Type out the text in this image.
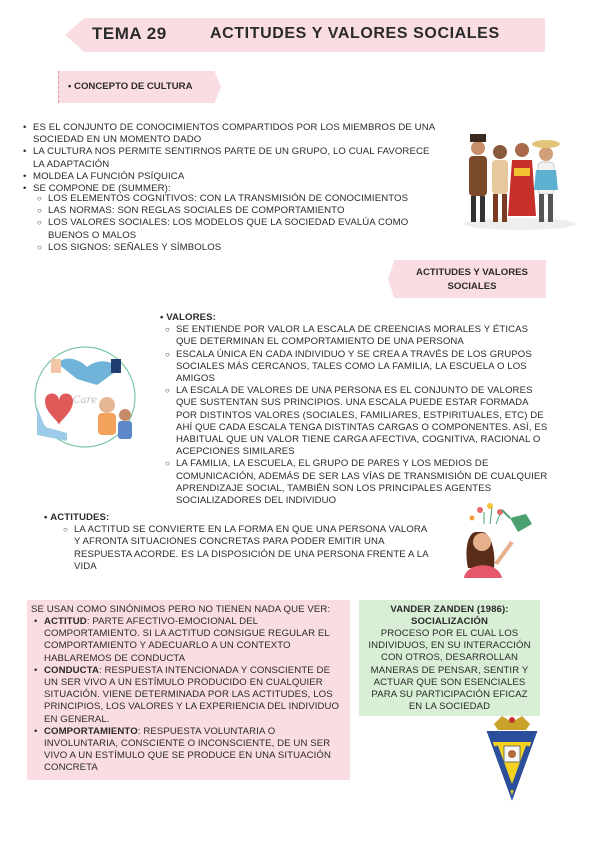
TEMA 29	ACTITUDES Y VALORES SOCIALES
• CONCEPTO DE CULTURA
• ES EL CONJUNTO DE CONOCIMIENTOS COMPARTIDOS POR LOS MIEMBROS DE UNA SOCIEDAD EN UN MOMENTO DADO
• LA CULTURA NOS PERMITE SENTIRNOS PARTE DE UN GRUPO, LO CUAL FAVORECE LA ADAPTACIÓN
• MOLDEA LA FUNCIÓN PSÍQUICA
• SE COMPONE DE (SUMMER):
○ LOS ELEMENTOS COGNITIVOS: CON LA TRANSMISIÓN DE CONOCIMIENTOS
○ LAS NORMAS: SON REGLAS SOCIALES DE COMPORTAMIENTO
○ LOS VALORES SOCIALES: LOS MODELOS QUE LA SOCIEDAD EVALÚA COMO BUENOS O MALOS
○ LOS SIGNOS: SEÑALES Y SÍMBOLOS
ACTITUDES Y VALORES SOCIALES
Care
• VALORES:
○ SE ENTIENDE POR VALOR LA ESCALA DE CREENCIAS MORALES Y ÉTICAS QUE DETERMINAN EL COMPORTAMIENTO DE UNA PERSONA
○ ESCALA ÚNICA EN CADA INDIVIDUO Y SE CREA A TRAVÉS DE LOS GRUPOS SOCIALES MÁS CERCANOS, TALES COMO LA FAMILIA, LA ESCUELA O LOS AMIGOS
○ LA ESCALA DE VALORES DE UNA PERSONA ES EL CONJUNTO DE VALORES QUE SUSTENTAN SUS PRINCIPIOS. UNA ESCALA PUEDE ESTAR FORMADA POR DISTINTOS VALORES (SOCIALES, FAMILIARES, ESTPIRITUALES, ETC) DE AHÍ QUE CADA ESCALA TENGA DISTINTAS CARGAS O COMPONENTES. ASÍ, ES HABITUAL QUE UN VALOR TIENE CARGA AFECTIVA, COGNITIVA, RACIONAL O ACEPCIONES SIMILARES
○ LA FAMILIA, LA ESCUELA, EL GRUPO DE PARES Y LOS MEDIOS DE COMUNICACIÓN, ADEMÁS DE SER LAS VÍAS DE TRANSMISIÓN DE CUALQUIER APRENDIZAJE SOCIAL, TAMBIÉN SON LOS PRINCIPALES AGENTES SOCIALIZADORES DEL INDIVIDUO
• ACTITUDES:
○ LA ACTITUD SE CONVIERTE EN LA FORMA EN QUE UNA PERSONA VALORA Y AFRONTA SITUACIONES CONCRETAS PARA PODER EMITIR UNA RESPUESTA ACORDE. ES LA DISPOSICIÓN DE UNA PERSONA FRENTE A LA VIDA
SE USAN COMO SINÓNIMOS PERO NO TIENEN NADA QUE VER:
• ACTITUD: PARTE AFECTIVO-EMOCIONAL DEL COMPORTAMIENTO. SI LA ACTITUD CONSIGUE REGULAR EL COMPORTAMIENTO Y ADECUARLO A UN CONTEXTO HABLAREMOS DE CONDUCTA
• CONDUCTA: RESPUESTA INTENCIONADA Y CONSCIENTE DE UN SER VIVO A UN ESTÍMULO PRODUCIDO EN CUALQUIER SITUACIÓN. VIENE DETERMINADA POR LAS ACTITUDES, LOS PRINCIPIOS, LOS VALORES Y LA EXPERIENCIA DEL INDIVIDUO EN GENERAL.
• COMPORTAMIENTO: RESPUESTA VOLUNTARIA O INVOLUNTARIA, CONSCIENTE O INCONSCIENTE, DE UN SER VIVO A UN ESTÍMULO QUE SE PRODUCE EN UNA SITUACIÓN CONCRETA
VANDER ZANDEN (1986):
SOCIALIZACIÓN
PROCESO POR EL CUAL LOS INDIVIDUOS, EN SU INTERACCIÓN CON OTROS, DESARROLLAN MANERAS DE PENSAR, SENTIR Y ACTUAR QUE SON ESENCIALES PARA SU PARTICIPACIÓN EFICAZ EN LA SOCIEDAD
